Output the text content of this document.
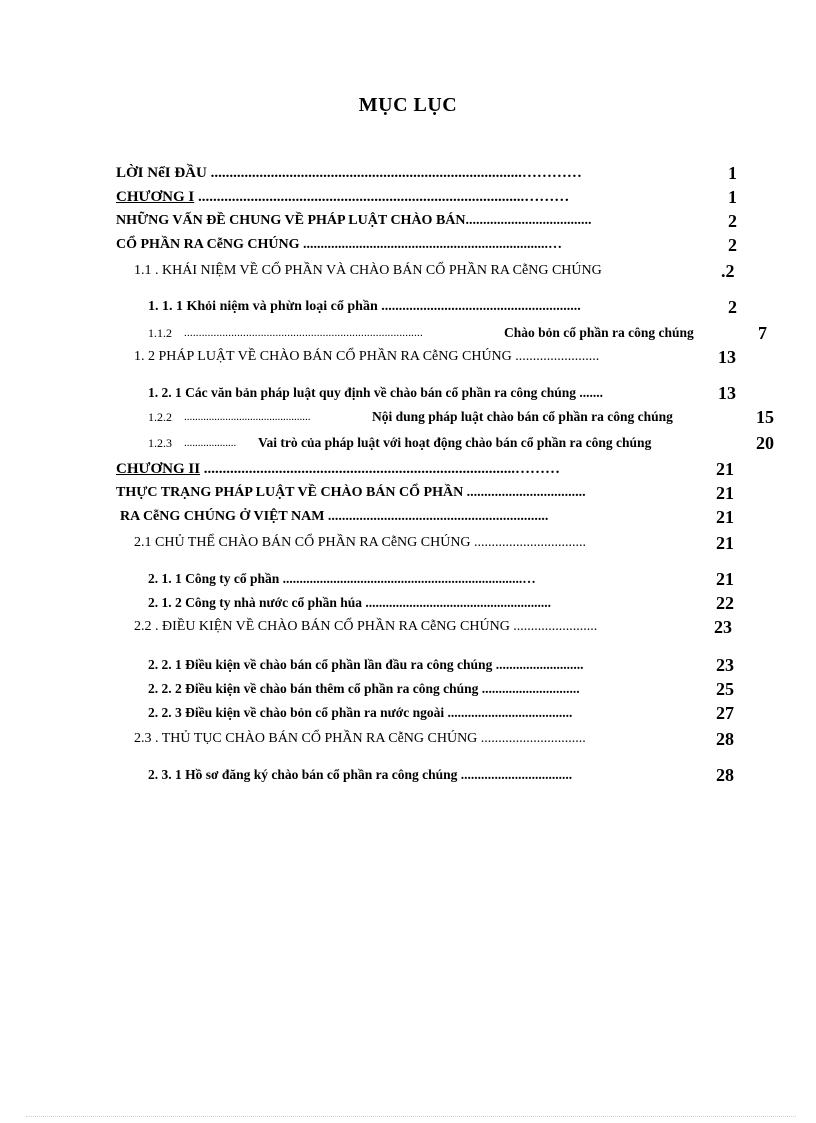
MỤC LỤC
LỜI NểI ĐẦU ...................................................................................…………	1
CHƯƠNG I .......................................................................................………	1
NHỮNG VẤN ĐỀ CHUNG VỀ PHÁP LUẬT CHÀO BÁN....................................	2
CỔ PHẦN RA CễNG CHÚNG ......................................................................…	2
1.1 . KHÁI NIỆM VỀ CỔ PHẦN VÀ CHÀO BÁN CỔ PHẦN RA CễNG CHÚNG	.2
1. 1. 1 Khỏi niệm và phừn loại cổ phần .........................................................	2
1.1.2 .................................................................................	Chào bỏn cổ phần ra công chúng	7
1. 2 PHÁP LUẬT VỀ CHÀO BÁN CỔ PHẦN RA CễNG CHÚNG ........................	13
1. 2. 1 Các văn bản pháp luật quy định về chào bán cổ phần ra công chúng .......	13
1.2.2 ..............................................	Nội dung pháp luật chào bán cổ phần ra công chúng	15
1.2.3 ................... Vai trò của pháp luật với hoạt động chào bán cổ phần ra công chúng	20
CHƯƠNG II ...................................................................................………	21
THỰC TRẠNG PHÁP LUẬT VỀ CHÀO BÁN CỔ PHẦN ..................................	21
RA CễNG CHÚNG Ở VIỆT NAM ...............................................................	21
2.1 CHỦ THỂ CHÀO BÁN CỔ PHẦN RA CễNG CHÚNG ................................	21
2. 1. 1 Công ty cổ phần .......................................................................…	21
2. 1. 2 Công ty nhà nước cổ phần húa .......................................................	22
2.2 . ĐIỀU KIỆN VỀ CHÀO BÁN CỔ PHẦN RA CễNG CHÚNG ........................	23
2. 2. 1 Điều kiện về chào bán cổ phần lần đầu ra công chúng ..........................	23
2. 2. 2 Điều kiện về chào bán thêm cổ phần ra công chúng .............................	25
2. 2. 3 Điều kiện về chào bỏn cổ phần ra nước ngoài .....................................	27
2.3 . THỦ TỤC CHÀO BÁN CỔ PHẦN RA CễNG CHÚNG ..............................	28
2. 3. 1 Hồ sơ đăng ký chào bán cổ phần ra công chúng .................................	28
